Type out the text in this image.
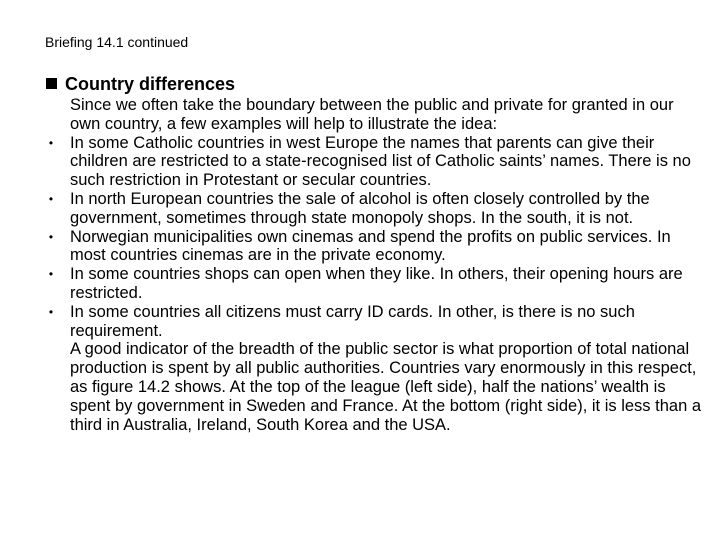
Briefing 14.1 continued
Country differences

Since we often take the boundary between the public and private for granted in our own country, a few examples will help to illustrate the idea:

• In some Catholic countries in west Europe the names that parents can give their children are restricted to a state-recognised list of Catholic saints’ names. There is no such restriction in Protestant or secular countries.

• In north European countries the sale of alcohol is often closely controlled by the government, sometimes through state monopoly shops. In the south, it is not.

• Norwegian municipalities own cinemas and spend the profits on public services. In most countries cinemas are in the private economy.

• In some countries shops can open when they like. In others, their opening hours are restricted.

• In some countries all citizens must carry ID cards. In other, is there is no such requirement.

A good indicator of the breadth of the public sector is what proportion of total national production is spent by all public authorities. Countries vary enormously in this respect, as figure 14.2 shows. At the top of the league (left side), half the nations’ wealth is spent by government in Sweden and France. At the bottom (right side), it is less than a third in Australia, Ireland, South Korea and the USA.
